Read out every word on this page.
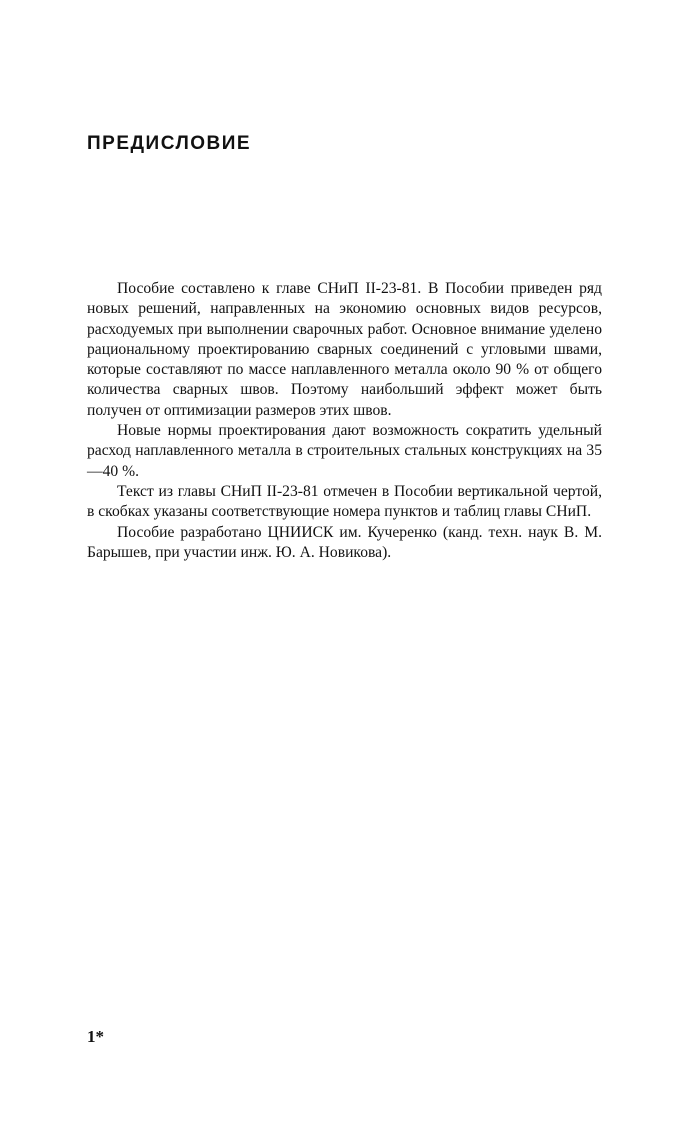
ПРЕДИСЛОВИЕ

Пособие составлено к главе СНиП II-23-81. В Пособии приведен ряд новых решений, направленных на экономию основных видов ресурсов, расходуемых при выполнении сварочных работ. Основное внимание уделено рациональному проектированию сварных соединений с угловыми швами, которые составляют по массе наплавленного металла около 90 % от общего количества сварных швов. Поэтому наибольший эффект может быть получен от оптимизации размеров этих швов.

Новые нормы проектирования дают возможность сократить удельный расход наплавленного металла в строительных стальных конструкциях на 35—40 %.

Текст из главы СНиП II-23-81 отмечен в Пособии вертикальной чертой, в скобках указаны соответствующие номера пунктов и таблиц главы СНиП.

Пособие разработано ЦНИИСК им. Кучеренко (канд. техн. наук В. М. Барышев, при участии инж. Ю. А. Новикова).

1*
